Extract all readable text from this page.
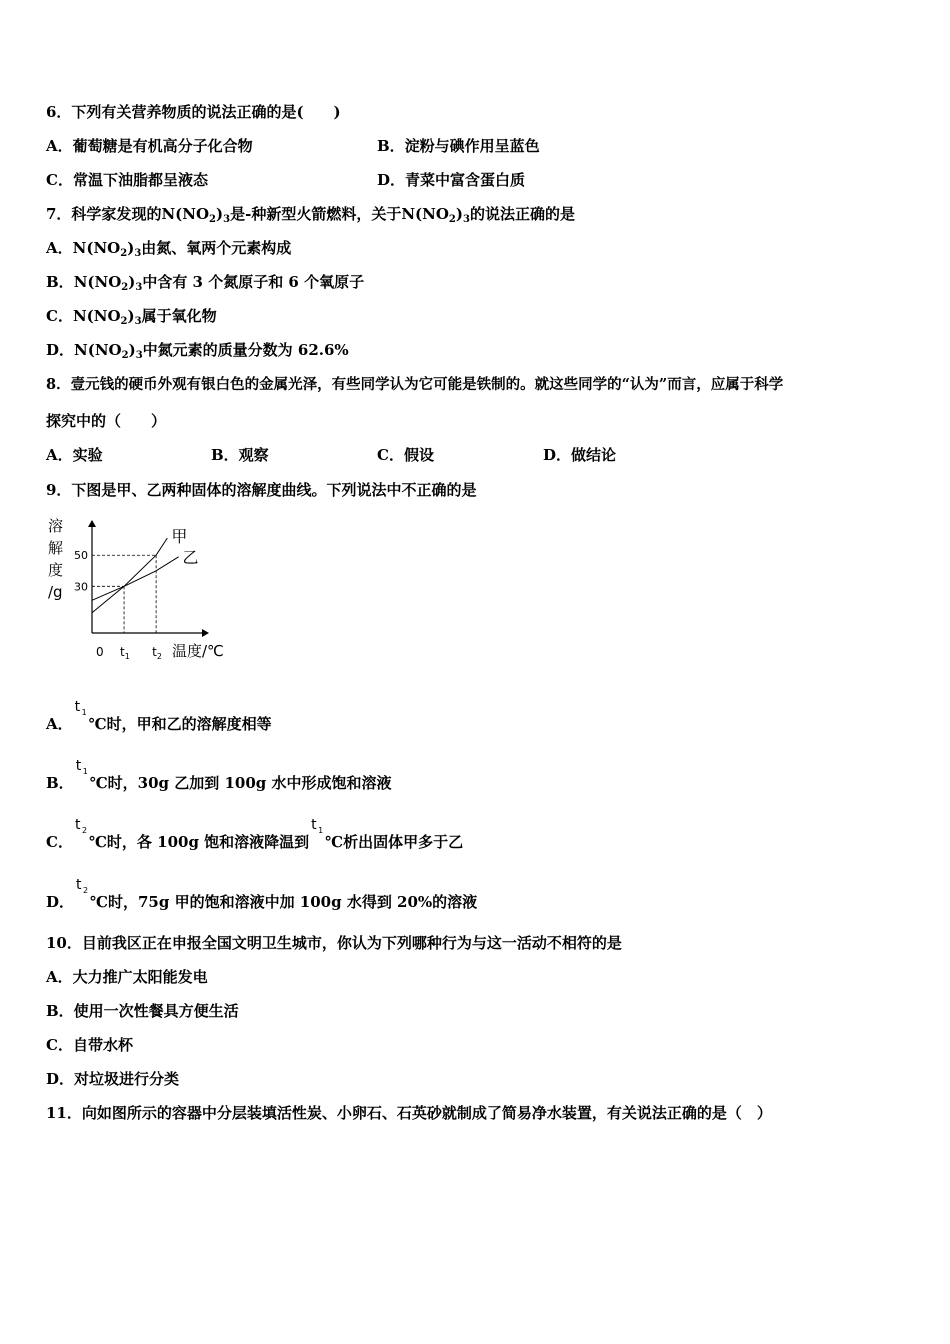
6．下列有关营养物质的说法正确的是(　　)
A．葡萄糖是有机高分子化合物	B．淀粉与碘作用呈蓝色
C．常温下油脂都呈液态	D．青菜中富含蛋白质
7．科学家发现的$N(NO_2)_3$是-种新型火箭燃料，关于$N(NO_2)_3$的说法正确的是
A．$N(NO_2)_3$由氮、氧两个元素构成
B．$N(NO_2)_3$中含有 3 个氮原子和 6 个氧原子
C．$N(NO_2)_3$属于氧化物
D．$N(NO_2)_3$中氮元素的质量分数为 62.6%
8．壹元钱的硬币外观有银白色的金属光泽，有些同学认为它可能是铁制的。就这些同学的“认为”而言，应属于科学
探究中的（　　）
A．实验	B．观察	C．假设	D．做结论
9．下图是甲、乙两种固体的溶解度曲线。下列说法中不正确的是
溶
解
度
/g
50
30
0 $t_1$ $t_2$ 温度/℃
甲
乙
A．
t 1
℃时，甲和乙的溶解度相等
B．
t 1
℃时，30g 乙加到 100g 水中形成饱和溶液
C．
t 2
℃时，各 100g 饱和溶液降温到
t 1
℃析出固体甲多于乙
D．
t 2
℃时，75g 甲的饱和溶液中加 100g 水得到 20%的溶液
10．目前我区正在申报全国文明卫生城市，你认为下列哪种行为与这一活动不相符的是
A．大力推广太阳能发电
B．使用一次性餐具方便生活
C．自带水杯
D．对垃圾进行分类
11．向如图所示的容器中分层装填活性炭、小卵石、石英砂就制成了简易净水装置，有关说法正确的是（　）
